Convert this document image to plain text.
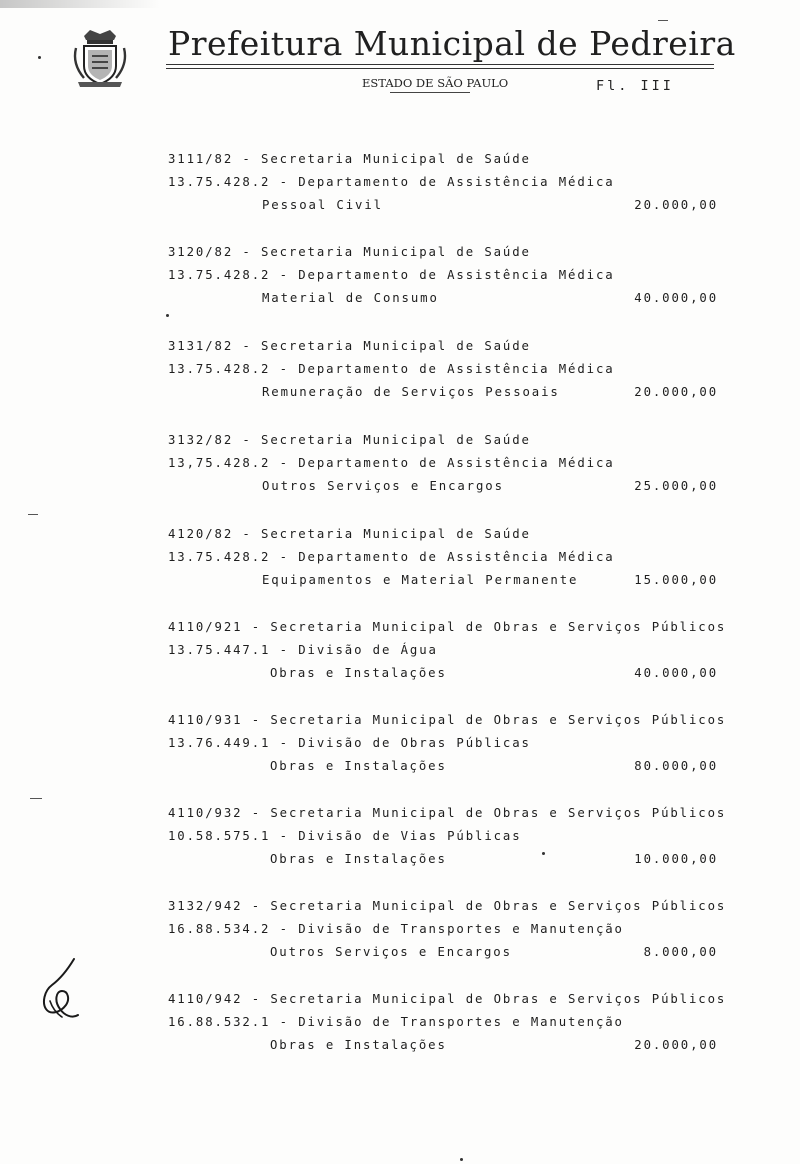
Prefeitura Municipal de Pedreira
ESTADO DE SÃO PAULO	Fl. III
3111/82 - Secretaria Municipal de Saúde
13.75.428.2 - Departamento de Assistência Médica
Pessoal Civil	20.000,00
3120/82 - Secretaria Municipal de Saúde
13.75.428.2 - Departamento de Assistência Médica
Material de Consumo	40.000,00
3131/82 - Secretaria Municipal de Saúde
13.75.428.2 - Departamento de Assistência Médica
Remuneração de Serviços Pessoais	20.000,00
3132/82 - Secretaria Municipal de Saúde
13,75.428.2 - Departamento de Assistência Médica
Outros Serviços e Encargos	25.000,00
4120/82 - Secretaria Municipal de Saúde
13.75.428.2 - Departamento de Assistência Médica
Equipamentos e Material Permanente	15.000,00
4110/921 - Secretaria Municipal de Obras e Serviços Públicos
13.75.447.1 - Divisão de Água
Obras e Instalações	40.000,00
4110/931 - Secretaria Municipal de Obras e Serviços Públicos
13.76.449.1 - Divisão de Obras Públicas
Obras e Instalações	80.000,00
4110/932 - Secretaria Municipal de Obras e Serviços Públicos
10.58.575.1 - Divisão de Vias Públicas
Obras e Instalações	10.000,00
3132/942 - Secretaria Municipal de Obras e Serviços Públicos
16.88.534.2 - Divisão de Transportes e Manutenção
Outros Serviços e Encargos	8.000,00
4110/942 - Secretaria Municipal de Obras e Serviços Públicos
16.88.532.1 - Divisão de Transportes e Manutenção
Obras e Instalações	20.000,00
